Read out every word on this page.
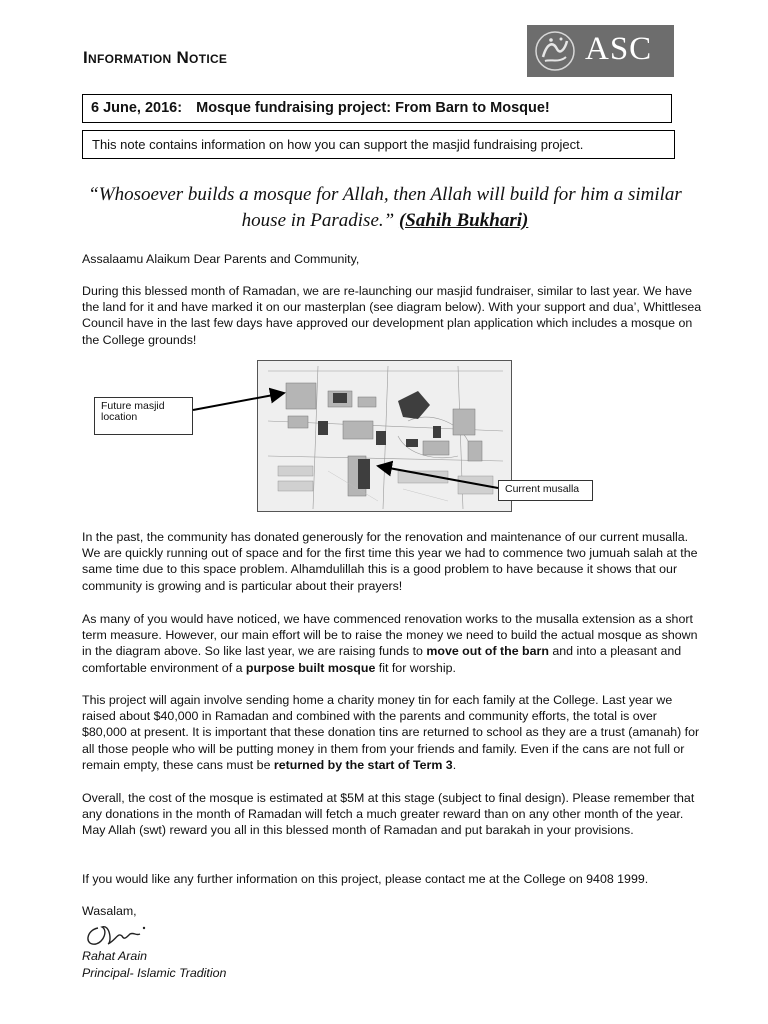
Information Notice	ASC
6 June, 2016: Mosque fundraising project: From Barn to Mosque!
This note contains information on how you can support the masjid fundraising project.
“Whosoever builds a mosque for Allah, then Allah will build for him a similar house in Paradise.” (Sahih Bukhari)

Assalaamu Alaikum Dear Parents and Community,

During this blessed month of Ramadan, we are re-launching our masjid fundraiser, similar to last year. We have the land for it and have marked it on our masterplan (see diagram below). With your support and dua’, Whittlesea Council have in the last few days have approved our development plan application which includes a mosque on the College grounds!

Future masjid location
Current musalla

In the past, the community has donated generously for the renovation and maintenance of our current musalla. We are quickly running out of space and for the first time this year we had to commence two jumuah salah at the same time due to this space problem. Alhamdulillah this is a good problem to have because it shows that our community is growing and is particular about their prayers!

As many of you would have noticed, we have commenced renovation works to the musalla extension as a short term measure. However, our main effort will be to raise the money we need to build the actual mosque as shown in the diagram above. So like last year, we are raising funds to move out of the barn and into a pleasant and comfortable environment of a purpose built mosque fit for worship.

This project will again involve sending home a charity money tin for each family at the College. Last year we raised about $40,000 in Ramadan and combined with the parents and community efforts, the total is over $80,000 at present. It is important that these donation tins are returned to school as they are a trust (amanah) for all those people who will be putting money in them from your friends and family. Even if the cans are not full or remain empty, these cans must be returned by the start of Term 3.

Overall, the cost of the mosque is estimated at $5M at this stage (subject to final design). Please remember that any donations in the month of Ramadan will fetch a much greater reward than on any other month of the year. May Allah (swt) reward you all in this blessed month of Ramadan and put barakah in your provisions.

If you would like any further information on this project, please contact me at the College on 9408 1999.

Wasalam,
Rahat Arain
Principal- Islamic Tradition
